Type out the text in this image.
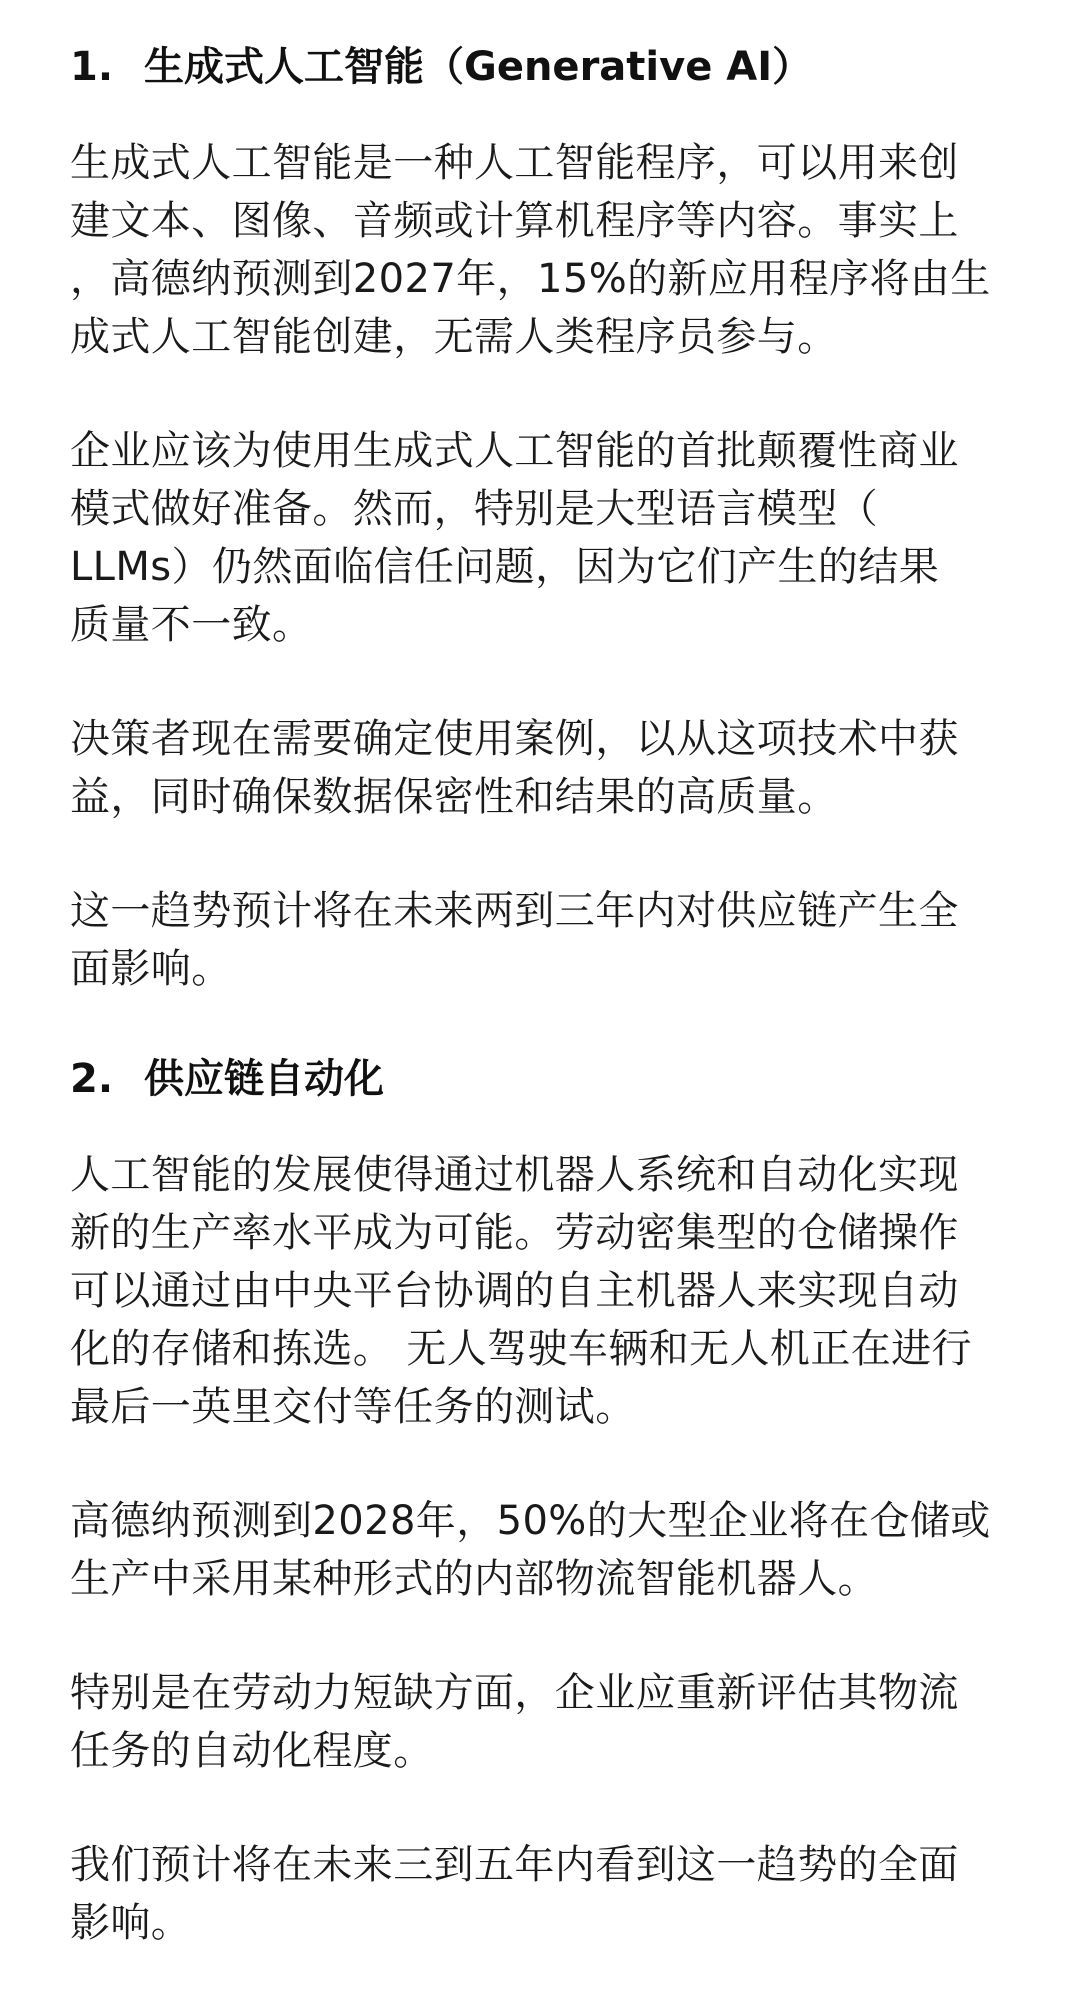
1. 生成式人工智能（Generative AI）
生成式人工智能是一种人工智能程序，可以用来创
建文本、图像、音频或计算机程序等内容。事实上
，高德纳预测到2027年，15%的新应用程序将由生
成式人工智能创建，无需人类程序员参与。
企业应该为使用生成式人工智能的首批颠覆性商业
模式做好准备。然而，特别是大型语言模型（
LLMs）仍然面临信任问题，因为它们产生的结果
质量不一致。
决策者现在需要确定使用案例，以从这项技术中获
益，同时确保数据保密性和结果的高质量。
这一趋势预计将在未来两到三年内对供应链产生全
面影响。
2. 供应链自动化
人工智能的发展使得通过机器人系统和自动化实现
新的生产率水平成为可能。劳动密集型的仓储操作
可以通过由中央平台协调的自主机器人来实现自动
化的存储和拣选。 无人驾驶车辆和无人机正在进行
最后一英里交付等任务的测试。
高德纳预测到2028年，50%的大型企业将在仓储或
生产中采用某种形式的内部物流智能机器人。
特别是在劳动力短缺方面，企业应重新评估其物流
任务的自动化程度。
我们预计将在未来三到五年内看到这一趋势的全面
影响。
